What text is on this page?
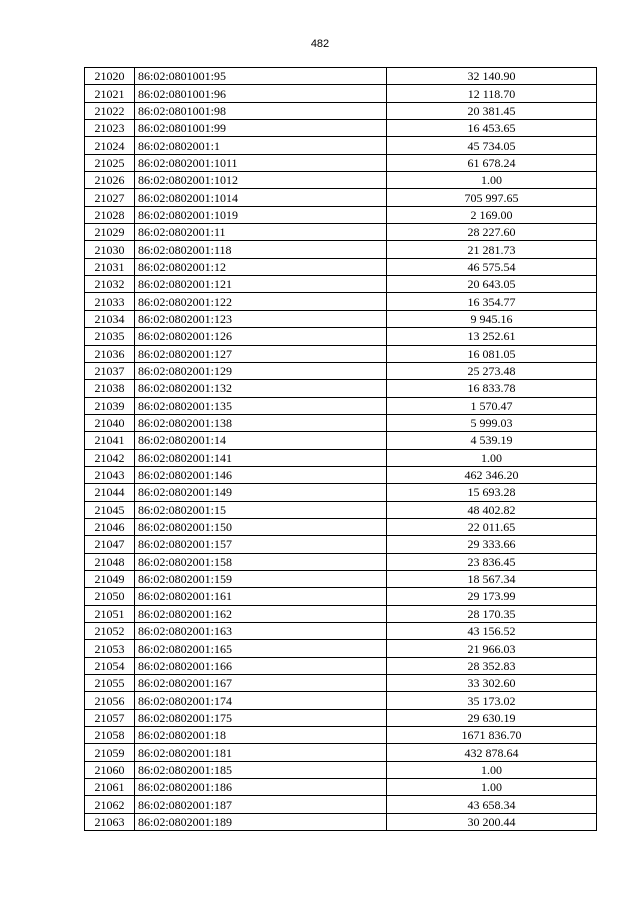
482
21020	86:02:0801001:95	32 140.90
21021	86:02:0801001:96	12 118.70
21022	86:02:0801001:98	20 381.45
21023	86:02:0801001:99	16 453.65
21024	86:02:0802001:1	45 734.05
21025	86:02:0802001:1011	61 678.24
21026	86:02:0802001:1012	1.00
21027	86:02:0802001:1014	705 997.65
21028	86:02:0802001:1019	2 169.00
21029	86:02:0802001:11	28 227.60
21030	86:02:0802001:118	21 281.73
21031	86:02:0802001:12	46 575.54
21032	86:02:0802001:121	20 643.05
21033	86:02:0802001:122	16 354.77
21034	86:02:0802001:123	9 945.16
21035	86:02:0802001:126	13 252.61
21036	86:02:0802001:127	16 081.05
21037	86:02:0802001:129	25 273.48
21038	86:02:0802001:132	16 833.78
21039	86:02:0802001:135	1 570.47
21040	86:02:0802001:138	5 999.03
21041	86:02:0802001:14	4 539.19
21042	86:02:0802001:141	1.00
21043	86:02:0802001:146	462 346.20
21044	86:02:0802001:149	15 693.28
21045	86:02:0802001:15	48 402.82
21046	86:02:0802001:150	22 011.65
21047	86:02:0802001:157	29 333.66
21048	86:02:0802001:158	23 836.45
21049	86:02:0802001:159	18 567.34
21050	86:02:0802001:161	29 173.99
21051	86:02:0802001:162	28 170.35
21052	86:02:0802001:163	43 156.52
21053	86:02:0802001:165	21 966.03
21054	86:02:0802001:166	28 352.83
21055	86:02:0802001:167	33 302.60
21056	86:02:0802001:174	35 173.02
21057	86:02:0802001:175	29 630.19
21058	86:02:0802001:18	1671 836.70
21059	86:02:0802001:181	432 878.64
21060	86:02:0802001:185	1.00
21061	86:02:0802001:186	1.00
21062	86:02:0802001:187	43 658.34
21063	86:02:0802001:189	30 200.44
